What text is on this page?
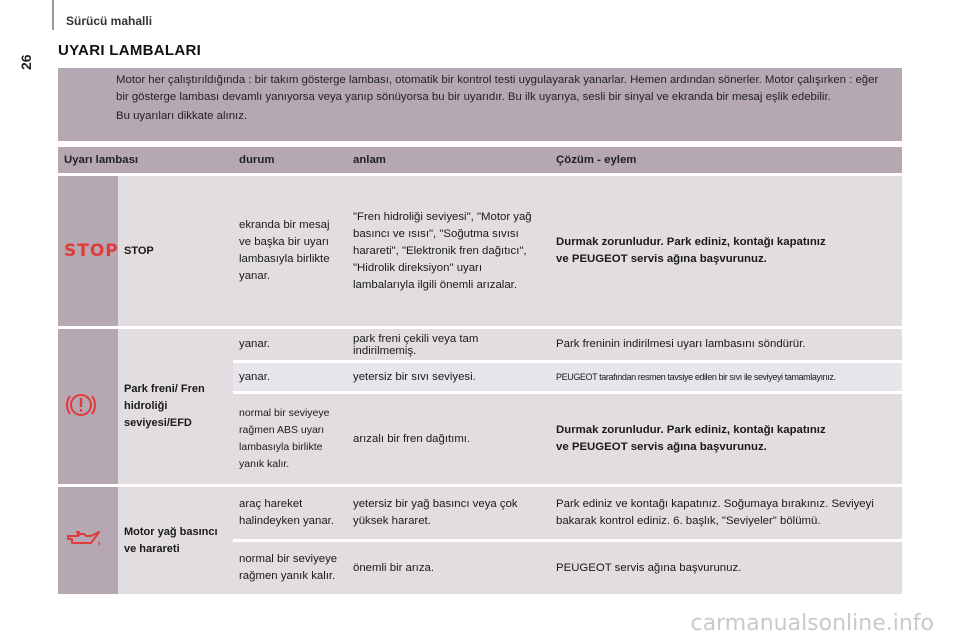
Sürücü mahalli
26
UYARI LAMBALARI

Motor her çalıştırıldığında : bir takım gösterge lambası, otomatik bir kontrol testi uygulayarak yanarlar. Hemen ardından sönerler. Motor çalışırken : eğer bir gösterge lambası devamlı yanıyorsa veya yanıp sönüyorsa bu bir uyarıdır. Bu ilk uyarıya, sesli bir sinyal ve ekranda bir mesaj eşlik edebilir.

Bu uyarıları dikkate alınız.

Uyarı lambası		durum	anlam	Çözüm - eylem
STOP	STOP	ekranda bir mesaj ve başka bir uyarı lambasıyla birlikte yanar.	"Fren hidroliği seviyesi", "Motor yağ basıncı ve ısısı", "Soğutma sıvısı harareti", "Elektronik fren dağıtıcı", "Hidrolik direksiyon" uyarı lambalarıyla ilgili önemli arızalar.	Durmak zorunludur. Park ediniz, kontağı kapatınız
ve PEUGEOT servis ağına başvurunuz.
	Park freni/ Fren hidroliği seviyesi/EFD	yanar.	park freni çekili veya tam indirilmemiş.	Park freninin indirilmesi uyarı lambasını söndürür.
		yanar.	yetersiz bir sıvı seviyesi.	PEUGEOT tarafından resmen tavsiye edilen bir sıvı ile seviyeyi tamamlayınız.
		normal bir seviyeye rağmen ABS uyarı lambasıyla birlikte yanık kalır.	arızalı bir fren dağıtımı.	Durmak zorunludur. Park ediniz, kontağı kapatınız
ve PEUGEOT servis ağına başvurunuz.
	Motor yağ basıncı ve harareti	araç hareket halindeyken yanar.	yetersiz bir yağ basıncı veya çok yüksek hararet.	Park ediniz ve kontağı kapatınız. Soğumaya bırakınız. Seviyeyi bakarak kontrol ediniz. 6. başlık, "Seviyeler" bölümü.
		normal bir seviyeye rağmen yanık kalır.	önemli bir arıza.	PEUGEOT servis ağına başvurunuz.
carmanualsonline.info
